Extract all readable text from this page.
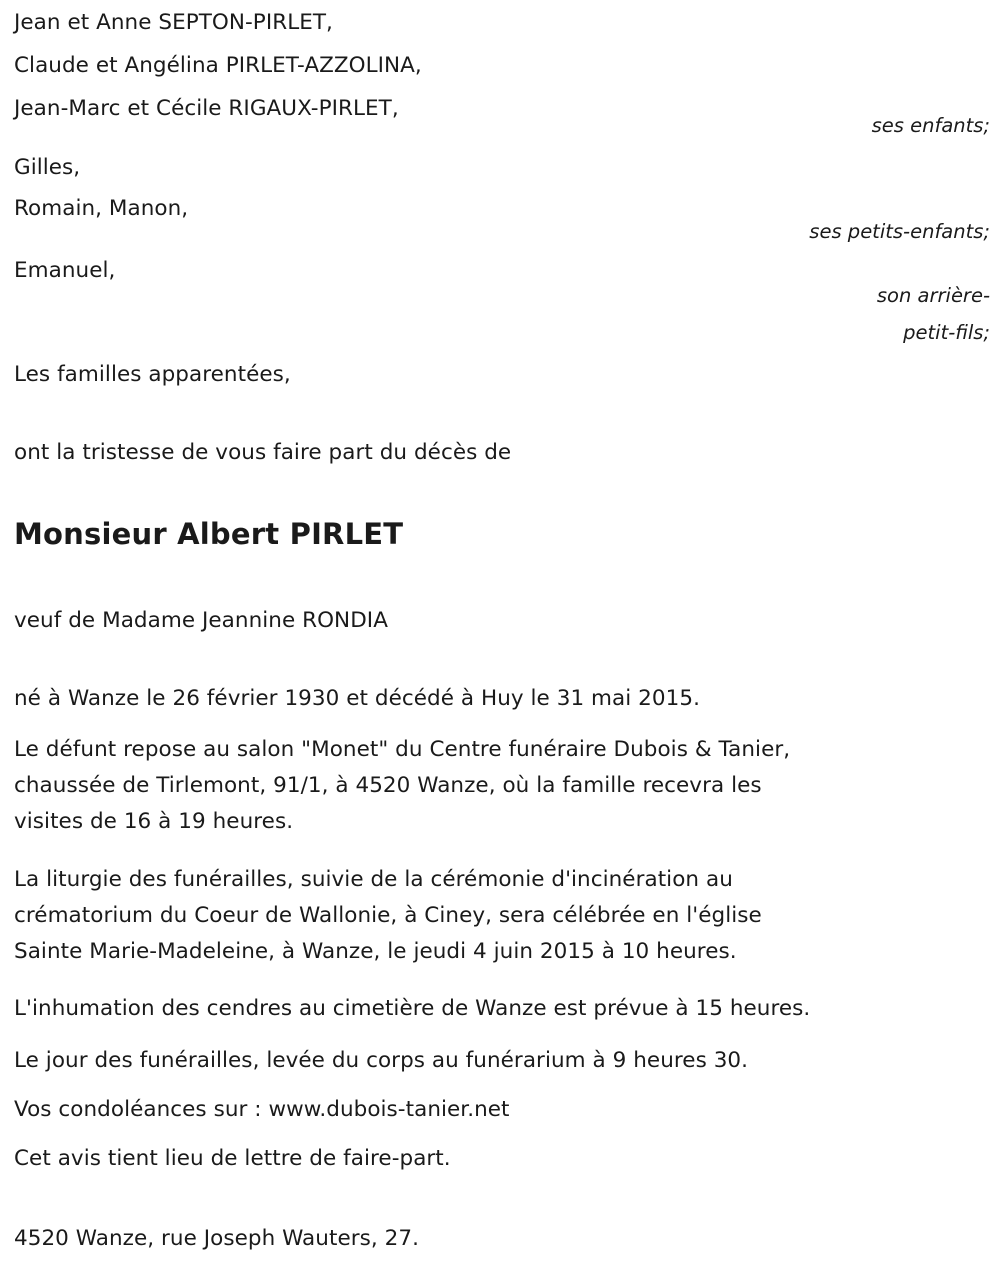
Jean et Anne SEPTON-PIRLET,
Claude et Angélina PIRLET-AZZOLINA,
Jean-Marc et Cécile RIGAUX-PIRLET,
ses enfants;
Gilles,
Romain, Manon,
ses petits-enfants;
Emanuel,
son arrière-
petit-fils;
Les familles apparentées,
ont la tristesse de vous faire part du décès de
Monsieur Albert PIRLET
veuf de Madame Jeannine RONDIA
né à Wanze le 26 février 1930 et décédé à Huy le 31 mai 2015.
Le défunt repose au salon "Monet" du Centre funéraire Dubois & Tanier,
chaussée de Tirlemont, 91/1, à 4520 Wanze, où la famille recevra les
visites de 16 à 19 heures.
La liturgie des funérailles, suivie de la cérémonie d'incinération au
crématorium du Coeur de Wallonie, à Ciney, sera célébrée en l'église
Sainte Marie-Madeleine, à Wanze, le jeudi 4 juin 2015 à 10 heures.
L'inhumation des cendres au cimetière de Wanze est prévue à 15 heures.
Le jour des funérailles, levée du corps au funérarium à 9 heures 30.
Vos condoléances sur : www.dubois-tanier.net
Cet avis tient lieu de lettre de faire-part.
4520 Wanze, rue Joseph Wauters, 27.
